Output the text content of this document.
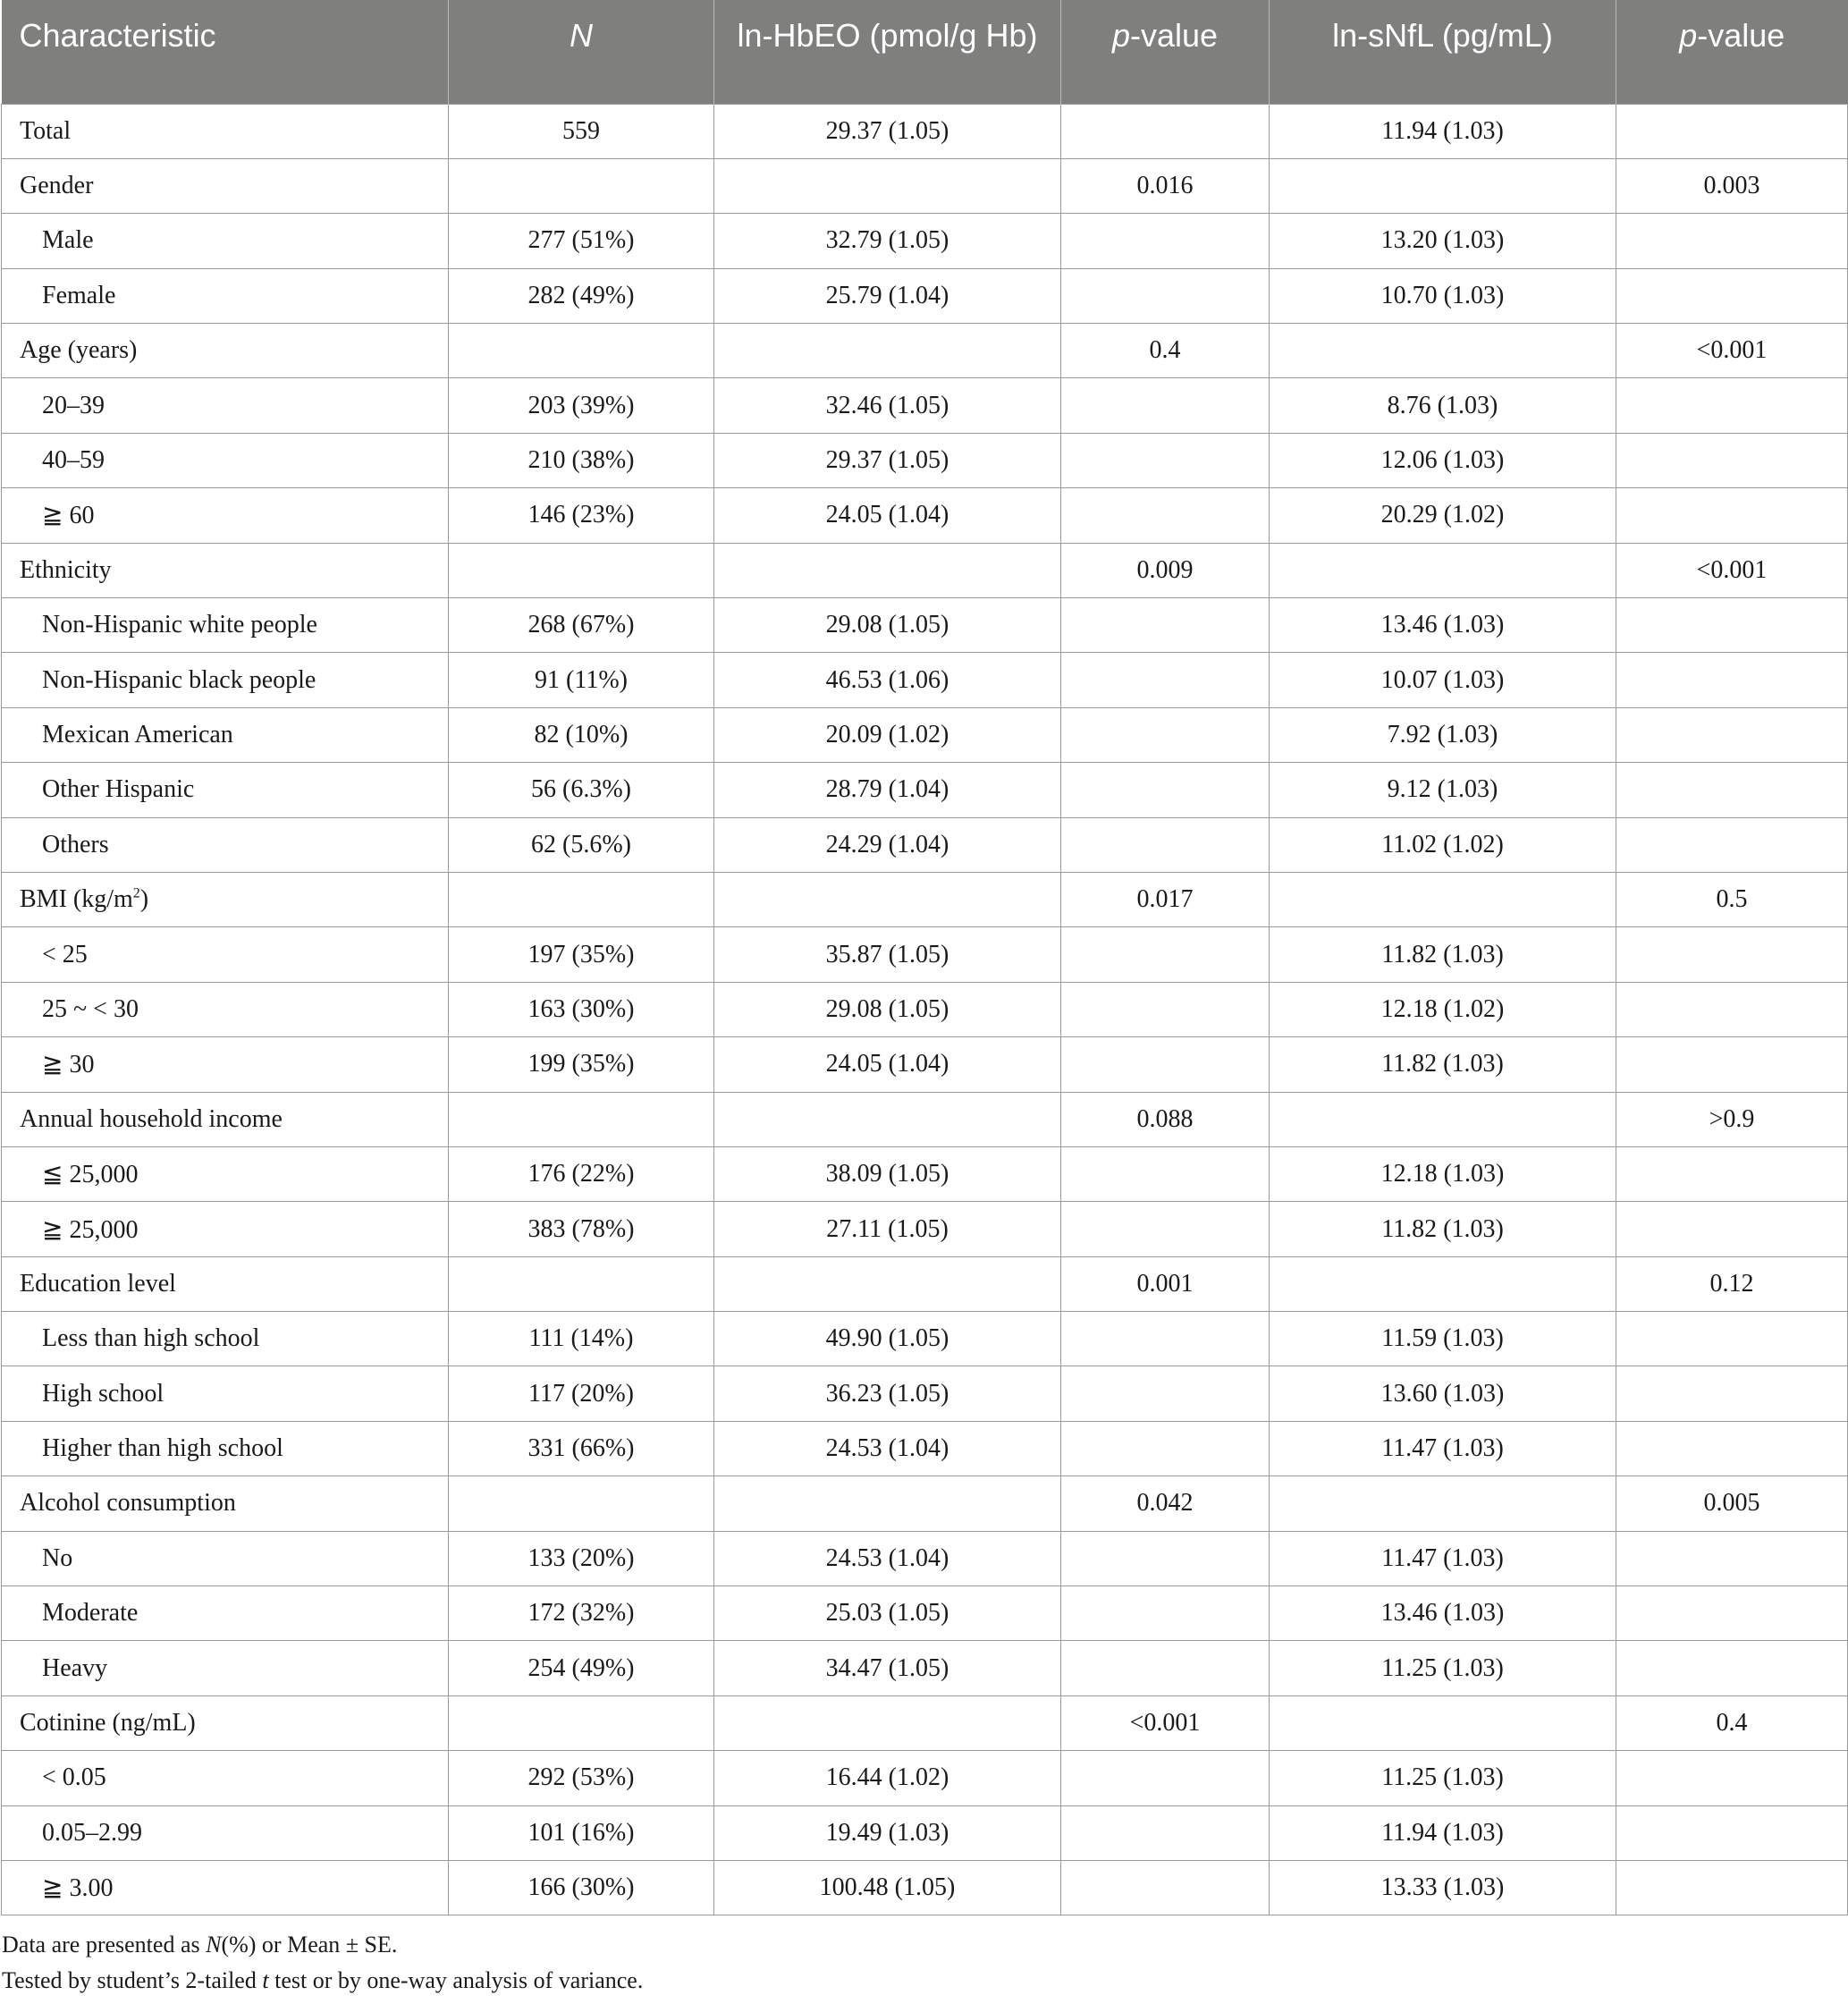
Characteristic	N	ln-HbEO (pmol/g Hb)	p-value	ln-sNfL (pg/mL)	p-value
Total	559	29.37 (1.05)		11.94 (1.03)	
Gender			0.016		0.003
Male	277 (51%)	32.79 (1.05)		13.20 (1.03)	
Female	282 (49%)	25.79 (1.04)		10.70 (1.03)	
Age (years)			0.4		<0.001
20–39	203 (39%)	32.46 (1.05)		8.76 (1.03)	
40–59	210 (38%)	29.37 (1.05)		12.06 (1.03)	
≧ 60	146 (23%)	24.05 (1.04)		20.29 (1.02)	
Ethnicity			0.009		<0.001
Non-Hispanic white people	268 (67%)	29.08 (1.05)		13.46 (1.03)	
Non-Hispanic black people	91 (11%)	46.53 (1.06)		10.07 (1.03)	
Mexican American	82 (10%)	20.09 (1.02)		7.92 (1.03)	
Other Hispanic	56 (6.3%)	28.79 (1.04)		9.12 (1.03)	
Others	62 (5.6%)	24.29 (1.04)		11.02 (1.02)	
BMI $(kg/m^2)$			0.017		0.5
< 25	197 (35%)	35.87 (1.05)		11.82 (1.03)	
25 ~ < 30	163 (30%)	29.08 (1.05)		12.18 (1.02)	
≧ 30	199 (35%)	24.05 (1.04)		11.82 (1.03)	
Annual household income			0.088		>0.9
≦ 25,000	176 (22%)	38.09 (1.05)		12.18 (1.03)	
≧ 25,000	383 (78%)	27.11 (1.05)		11.82 (1.03)	
Education level			0.001		0.12
Less than high school	111 (14%)	49.90 (1.05)		11.59 (1.03)	
High school	117 (20%)	36.23 (1.05)		13.60 (1.03)	
Higher than high school	331 (66%)	24.53 (1.04)		11.47 (1.03)	
Alcohol consumption			0.042		0.005
No	133 (20%)	24.53 (1.04)		11.47 (1.03)	
Moderate	172 (32%)	25.03 (1.05)		13.46 (1.03)	
Heavy	254 (49%)	34.47 (1.05)		11.25 (1.03)	
Cotinine (ng/mL)			<0.001		0.4
< 0.05	292 (53%)	16.44 (1.02)		11.25 (1.03)	
0.05–2.99	101 (16%)	19.49 (1.03)		11.94 (1.03)	
≧ 3.00	166 (30%)	100.48 (1.05)		13.33 (1.03)	

Data are presented as N(%) or Mean ± SE.

Tested by student’s 2-tailed t test or by one-way analysis of variance.
